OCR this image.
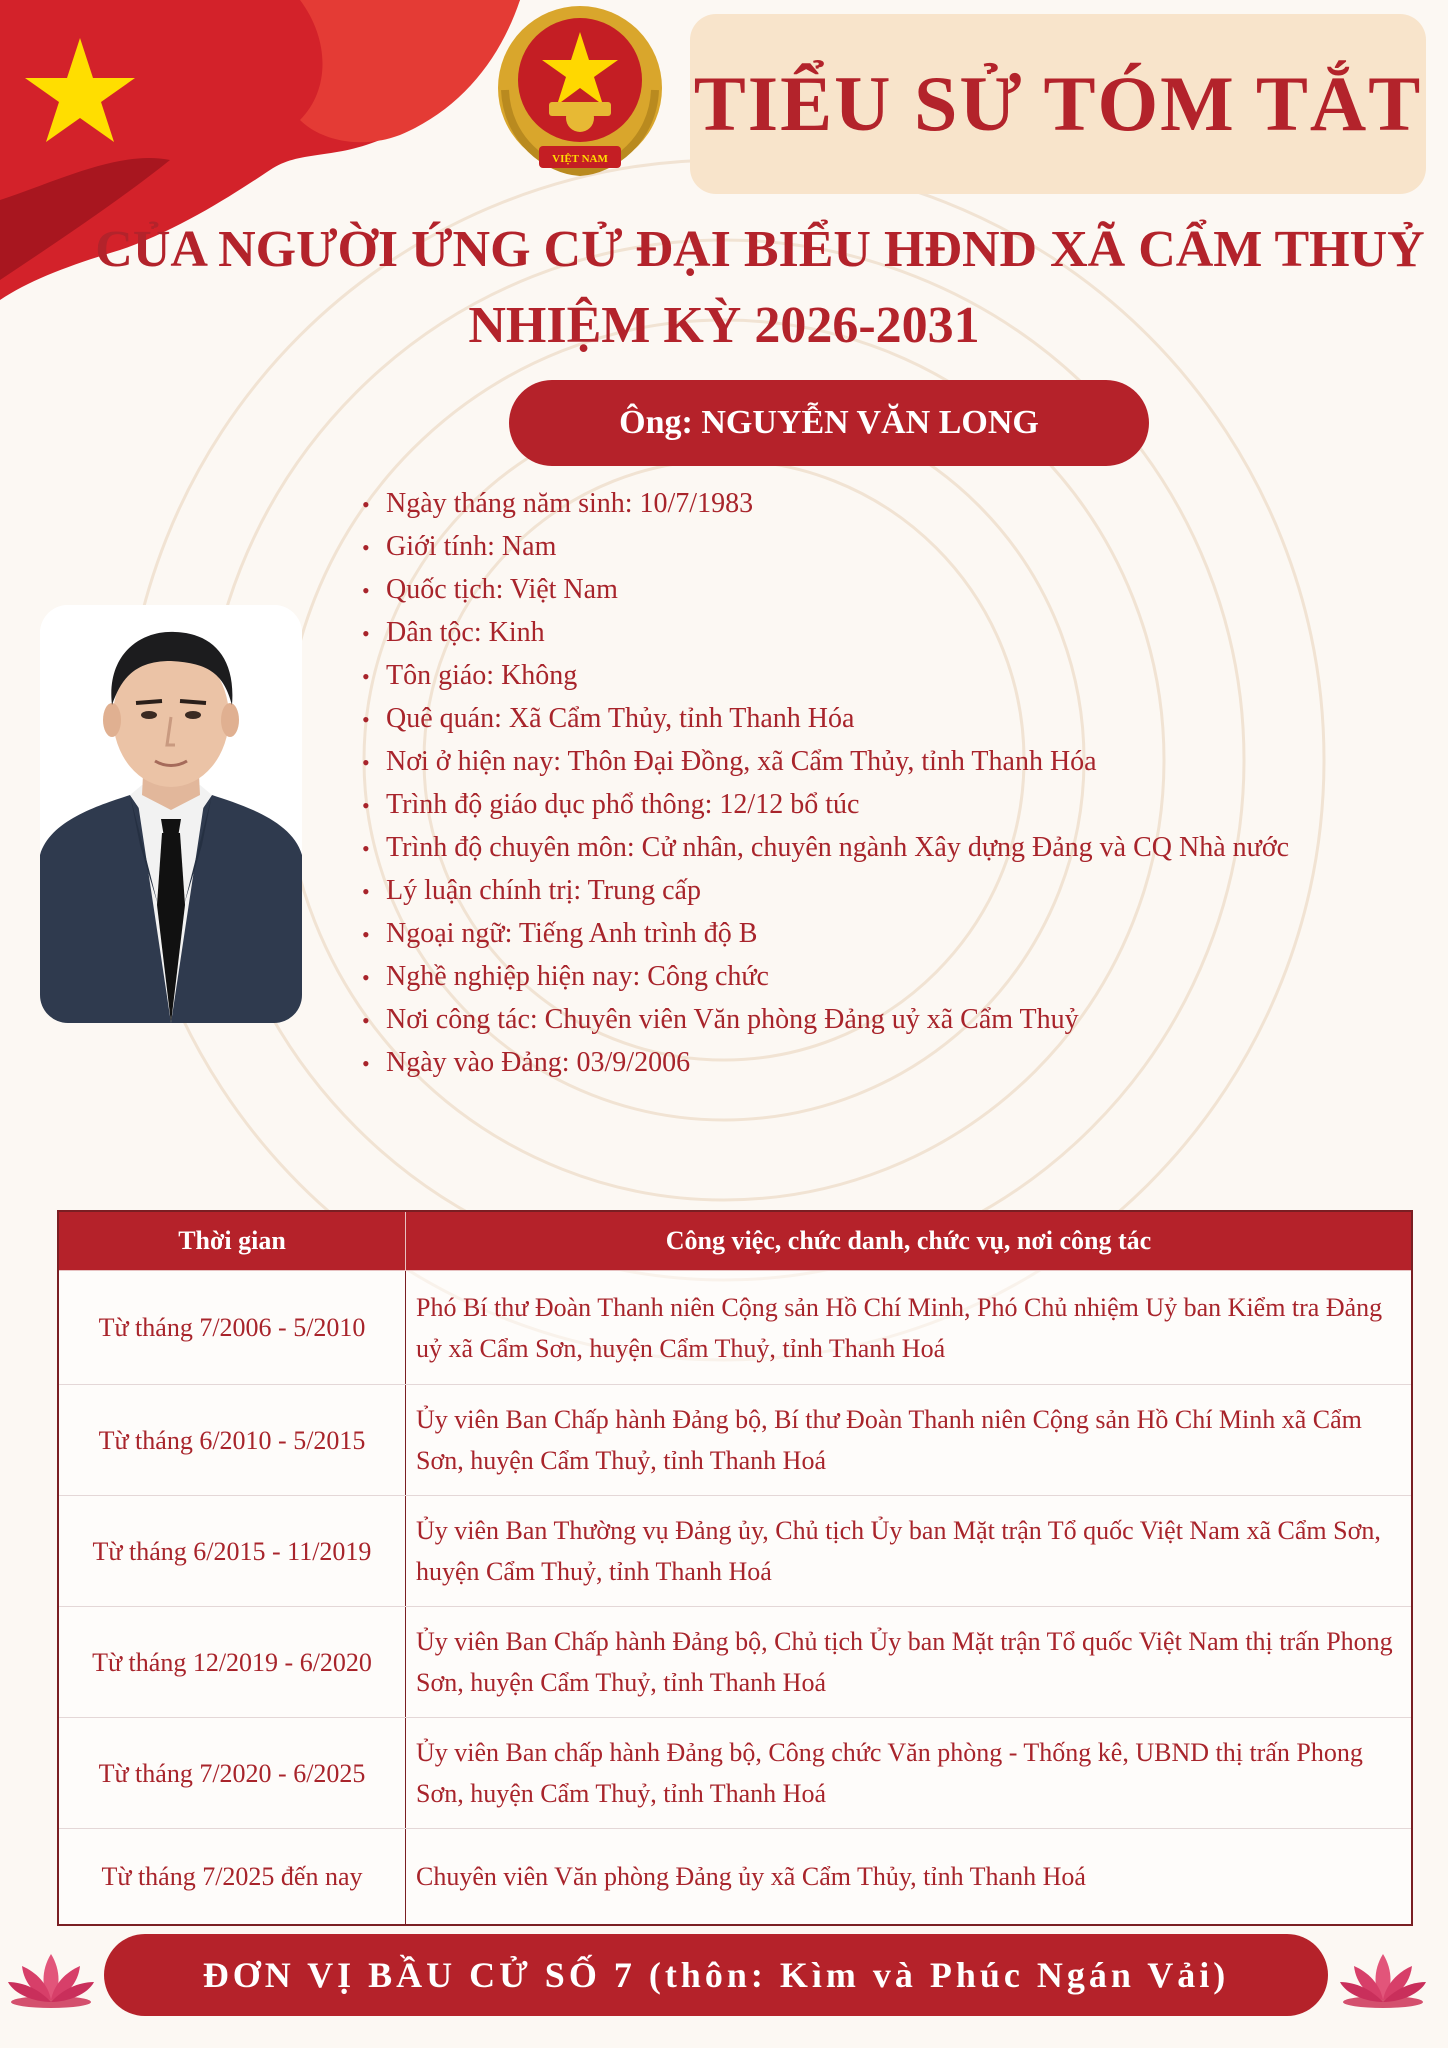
VIỆT NAM
TIỂU SỬ TÓM TẮT
CỦA NGƯỜI ỨNG CỬ ĐẠI BIỂU HĐND XÃ CẨM THUỶ
NHIỆM KỲ 2026-2031
Ông: NGUYỄN VĂN LONG
• Ngày tháng năm sinh: 10/7/1983
• Giới tính: Nam
• Quốc tịch: Việt Nam
• Dân tộc: Kinh
• Tôn giáo: Không
• Quê quán: Xã Cẩm Thủy, tỉnh Thanh Hóa
• Nơi ở hiện nay: Thôn Đại Đồng, xã Cẩm Thủy, tỉnh Thanh Hóa
• Trình độ giáo dục phổ thông: 12/12 bổ túc
• Trình độ chuyên môn: Cử nhân, chuyên ngành Xây dựng Đảng và CQ Nhà nước
• Lý luận chính trị: Trung cấp
• Ngoại ngữ: Tiếng Anh trình độ B
• Nghề nghiệp hiện nay: Công chức
• Nơi công tác: Chuyên viên Văn phòng Đảng uỷ xã Cẩm Thuỷ
• Ngày vào Đảng: 03/9/2006
Thời gian	Công việc, chức danh, chức vụ, nơi công tác
Từ tháng 7/2006 - 5/2010	Phó Bí thư Đoàn Thanh niên Cộng sản Hồ Chí Minh, Phó Chủ nhiệm Uỷ ban Kiểm tra Đảng uỷ xã Cẩm Sơn, huyện Cẩm Thuỷ, tỉnh Thanh Hoá
Từ tháng 6/2010 - 5/2015	Ủy viên Ban Chấp hành Đảng bộ, Bí thư Đoàn Thanh niên Cộng sản Hồ Chí Minh xã Cẩm Sơn, huyện Cẩm Thuỷ, tỉnh Thanh Hoá
Từ tháng 6/2015 - 11/2019	Ủy viên Ban Thường vụ Đảng ủy, Chủ tịch Ủy ban Mặt trận Tổ quốc Việt Nam xã Cẩm Sơn, huyện Cẩm Thuỷ, tỉnh Thanh Hoá
Từ tháng 12/2019 - 6/2020	Ủy viên Ban Chấp hành Đảng bộ, Chủ tịch Ủy ban Mặt trận Tổ quốc Việt Nam thị trấn Phong Sơn, huyện Cẩm Thuỷ, tỉnh Thanh Hoá
Từ tháng 7/2020 - 6/2025	Ủy viên Ban chấp hành Đảng bộ, Công chức Văn phòng - Thống kê, UBND thị trấn Phong Sơn, huyện Cẩm Thuỷ, tỉnh Thanh Hoá
Từ tháng 7/2025 đến nay	Chuyên viên Văn phòng Đảng ủy xã Cẩm Thủy, tỉnh Thanh Hoá
ĐƠN VỊ BẦU CỬ SỐ 7 (thôn: Kìm và Phúc Ngán Vải)
